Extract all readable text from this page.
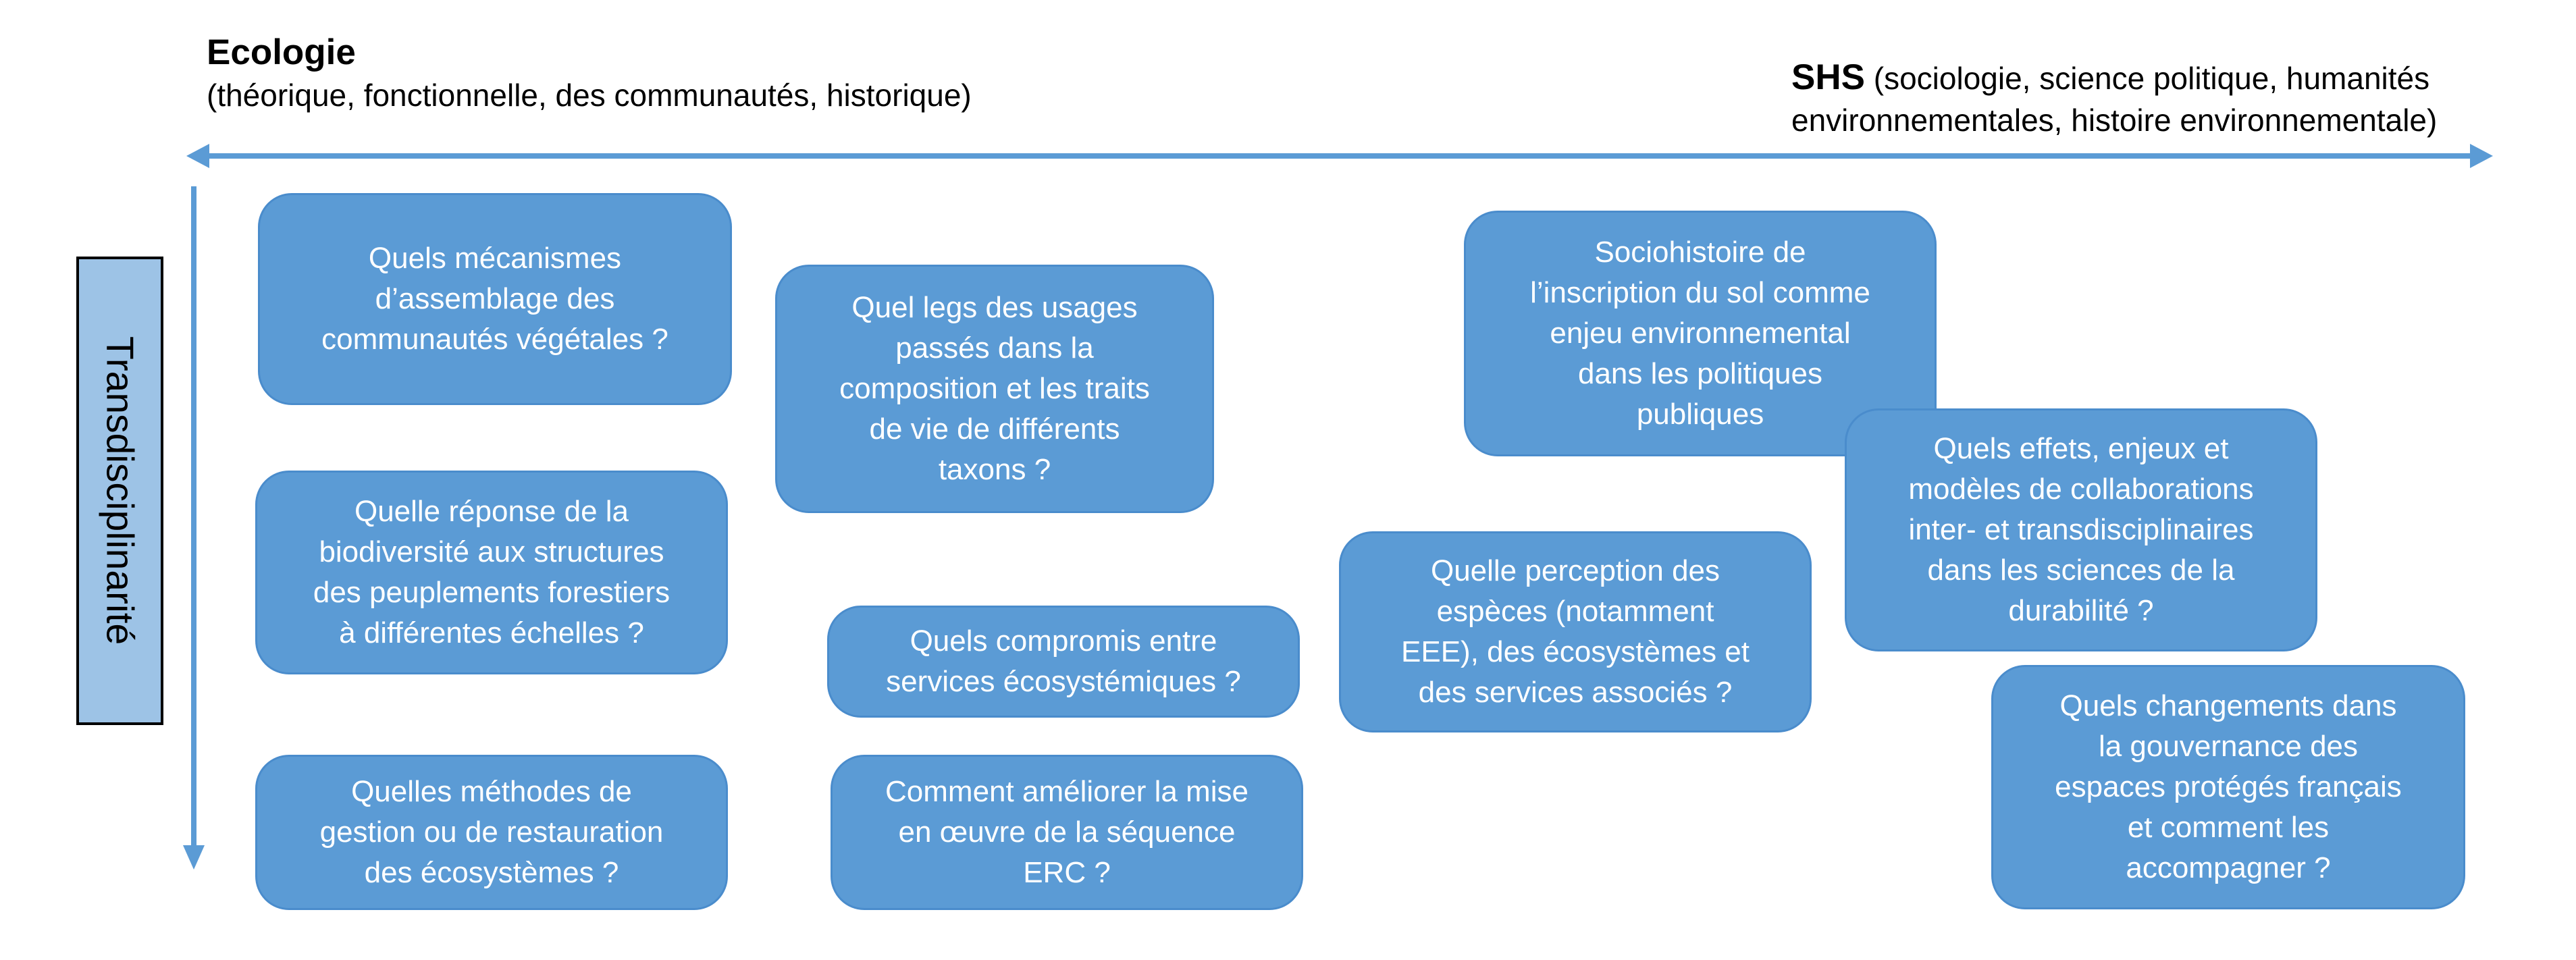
Ecologie
(théorique, fonctionnelle, des communautés, historique)	SHS (sociologie, science politique, humanités environnementales, histoire environnementale)
Transdisciplinarité
Quels mécanismes
d’assemblage des
communautés végétales ?
Quelle réponse de la
biodiversité aux structures
des peuplements forestiers
à différentes échelles ?
Quelles méthodes de
gestion ou de restauration
des écosystèmes ?
Quel legs des usages
passés dans la
composition et les traits
de vie de différents
taxons ?
Quels compromis entre
services écosystémiques ?
Comment améliorer la mise
en œuvre de la séquence
ERC ?
Sociohistoire de
l’inscription du sol comme
enjeu environnemental
dans les politiques
publiques
Quelle perception des
espèces (notamment
EEE), des écosystèmes et
des services associés ?
Quels effets, enjeux et
modèles de collaborations
inter- et transdisciplinaires
dans les sciences de la
durabilité ?
Quels changements dans
la gouvernance des
espaces protégés français
et comment les
accompagner ?
